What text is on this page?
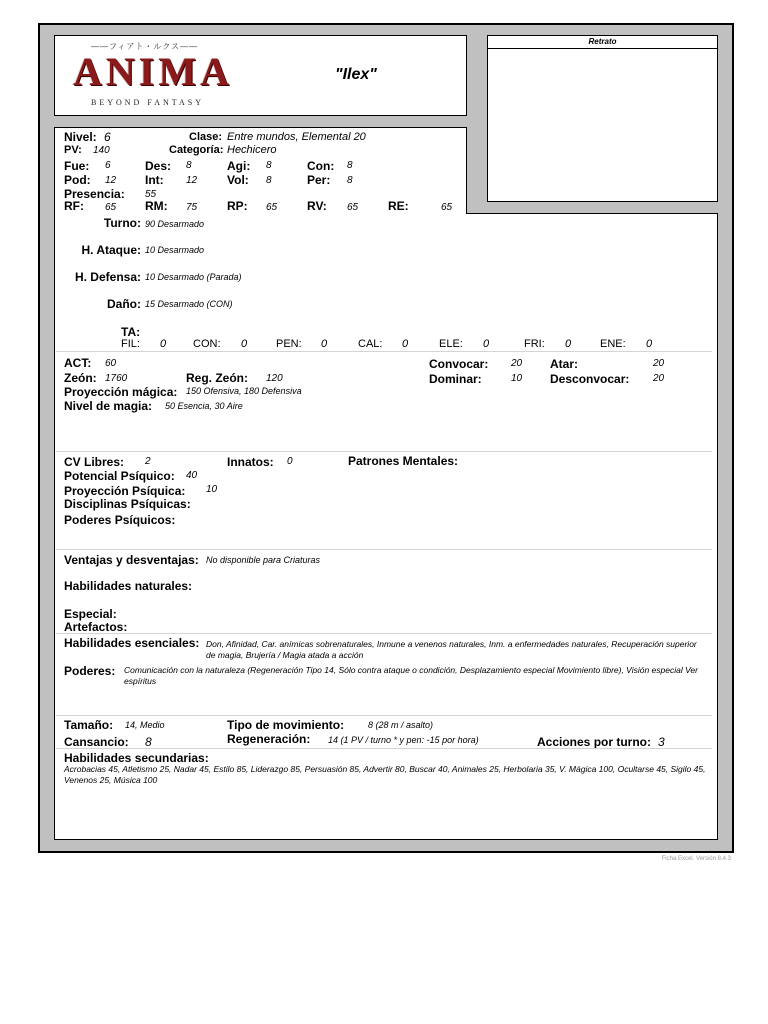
——フィアト・ルクス——
ANIMA
BEYOND FANTASY
"Ilex"
Retrato
Nivel: 6	Clase: Entre mundos, Elemental 20
PV: 140	Categoría: Hechicero
Fue: 6	Des: 8	Agi: 8	Con: 8
Pod: 12 Int: 12 Vol: 8	Per: 8
Presencia: 55
RF: 65 RM: 75 RP: 65 RV: 65 RE:	65
Turno: 90 Desarmado
H. Ataque: 10 Desarmado
H. Defensa: 10 Desarmado (Parada)
Daño: 15 Desarmado (CON)
TA:
FIL: 0 CON: 0	PEN: 0	CAL: 0	ELE: 0	FRI: 0	ENE: 0
ACT: 60
Zeón: 1760	Reg. Zeón: 120
Proyección mágica: 150 Ofensiva, 180 Defensiva
Nivel de magia: 50 Esencia, 30 Aire
Convocar: 20 Atar:	20
Dominar:	10 Desconvocar: 20
CV Libres: 2	Innatos: 0	Patrones Mentales:
Potencial Psíquico: 40
Proyección Psíquica: 10
Disciplinas Psíquicas:
Poderes Psíquicos:
Ventajas y desventajas: No disponible para Criaturas
Habilidades naturales:
Especial:
Artefactos:
Habilidades esenciales: Don, Afinidad, Car. anímicas sobrenaturales, Inmune a venenos naturales, Inm. a enfermedades naturales, Recuperación superior de magia, Brujería / Magia atada a acción
Poderes: Comunicación con la naturaleza (Regeneración Tipo 14, Sólo contra ataque o condición, Desplazamiento especial Movimiento libre), Visión especial Ver espíritus
Tamaño: 14, Medio	Tipo de movimiento:	8 (28 m / asalto)
Cansancio: 8	Regeneración: 14 (1 PV / turno * y pen: -15 por hora)	Acciones por turno: 3
Habilidades secundarias:
Acrobacias 45, Atletismo 25, Nadar 45, Estilo 85, Liderazgo 85, Persuasión 85, Advertir 80, Buscar 40, Animales 25, Herbolaria 35, V. Mágica 100, Ocultarse 45, Sigilo 45, Venenos 25, Música 100
Ficha Excel. Versión 8.4.3
